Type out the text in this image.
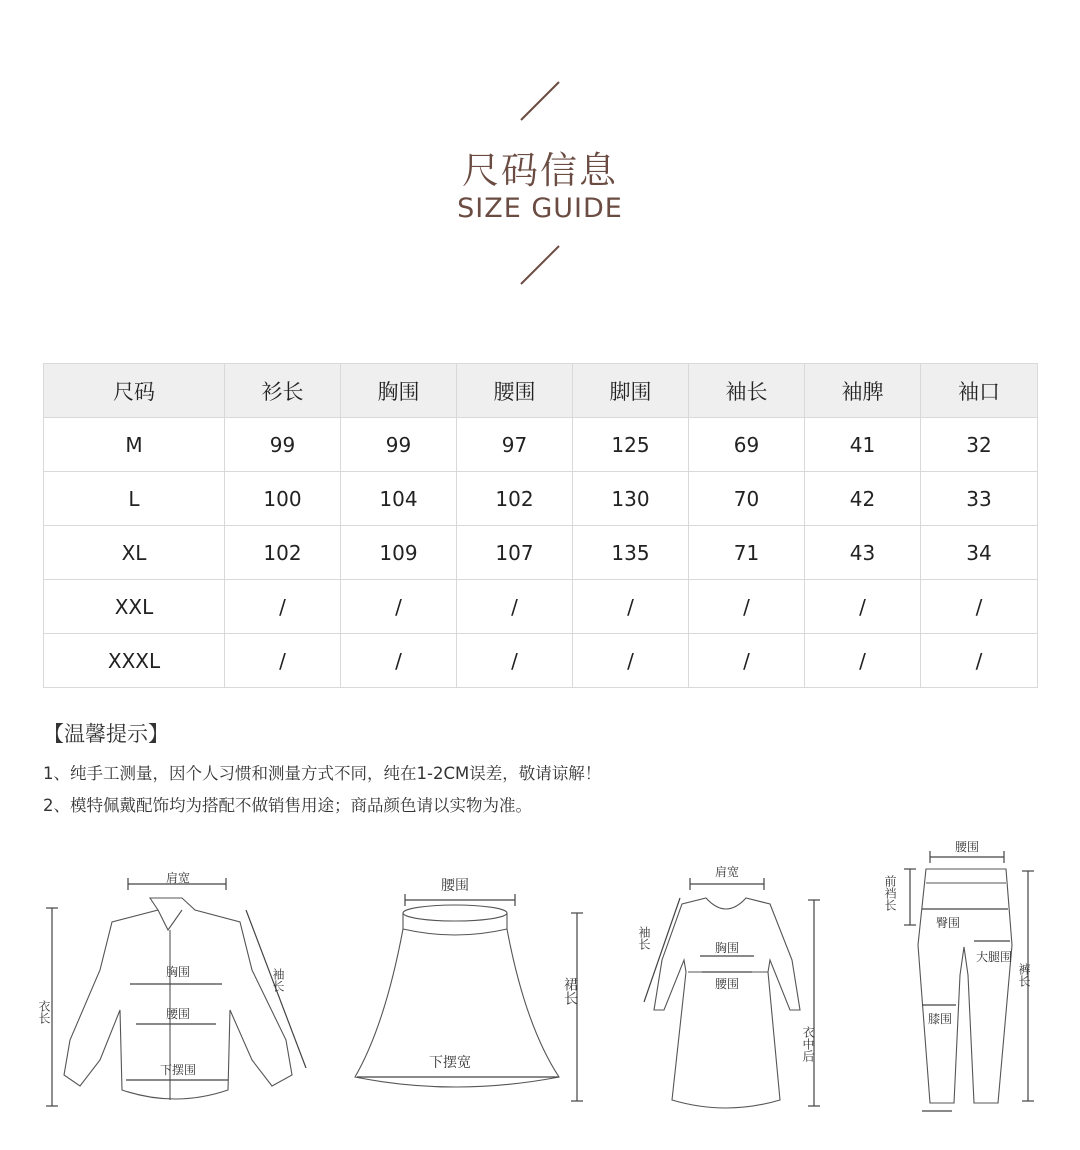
尺码信息
SIZE GUIDE
尺码	衫长	胸围	腰围	脚围	袖长	袖脾	袖口
M	99	99	97	125	69	41	32
L	100	104	102	130	70	42	33
XL	102	109	107	135	71	43	34
XXL	/	/	/	/	/	/	/
XXXL	/	/	/	/	/	/	/
【温馨提示】
1、纯手工测量，因个人习惯和测量方式不同，纯在1-2CM误差，敬请谅解！
2、模特佩戴配饰均为搭配不做销售用途；商品颜色请以实物为准。
肩宽
胸围
腰围
下摆围
衣长
袖长
腰围
下摆宽
裙长
肩宽
胸围
腰围
袖长
衣中后
腰围
前裆长
臀围
大腿围
膝围
裤长
